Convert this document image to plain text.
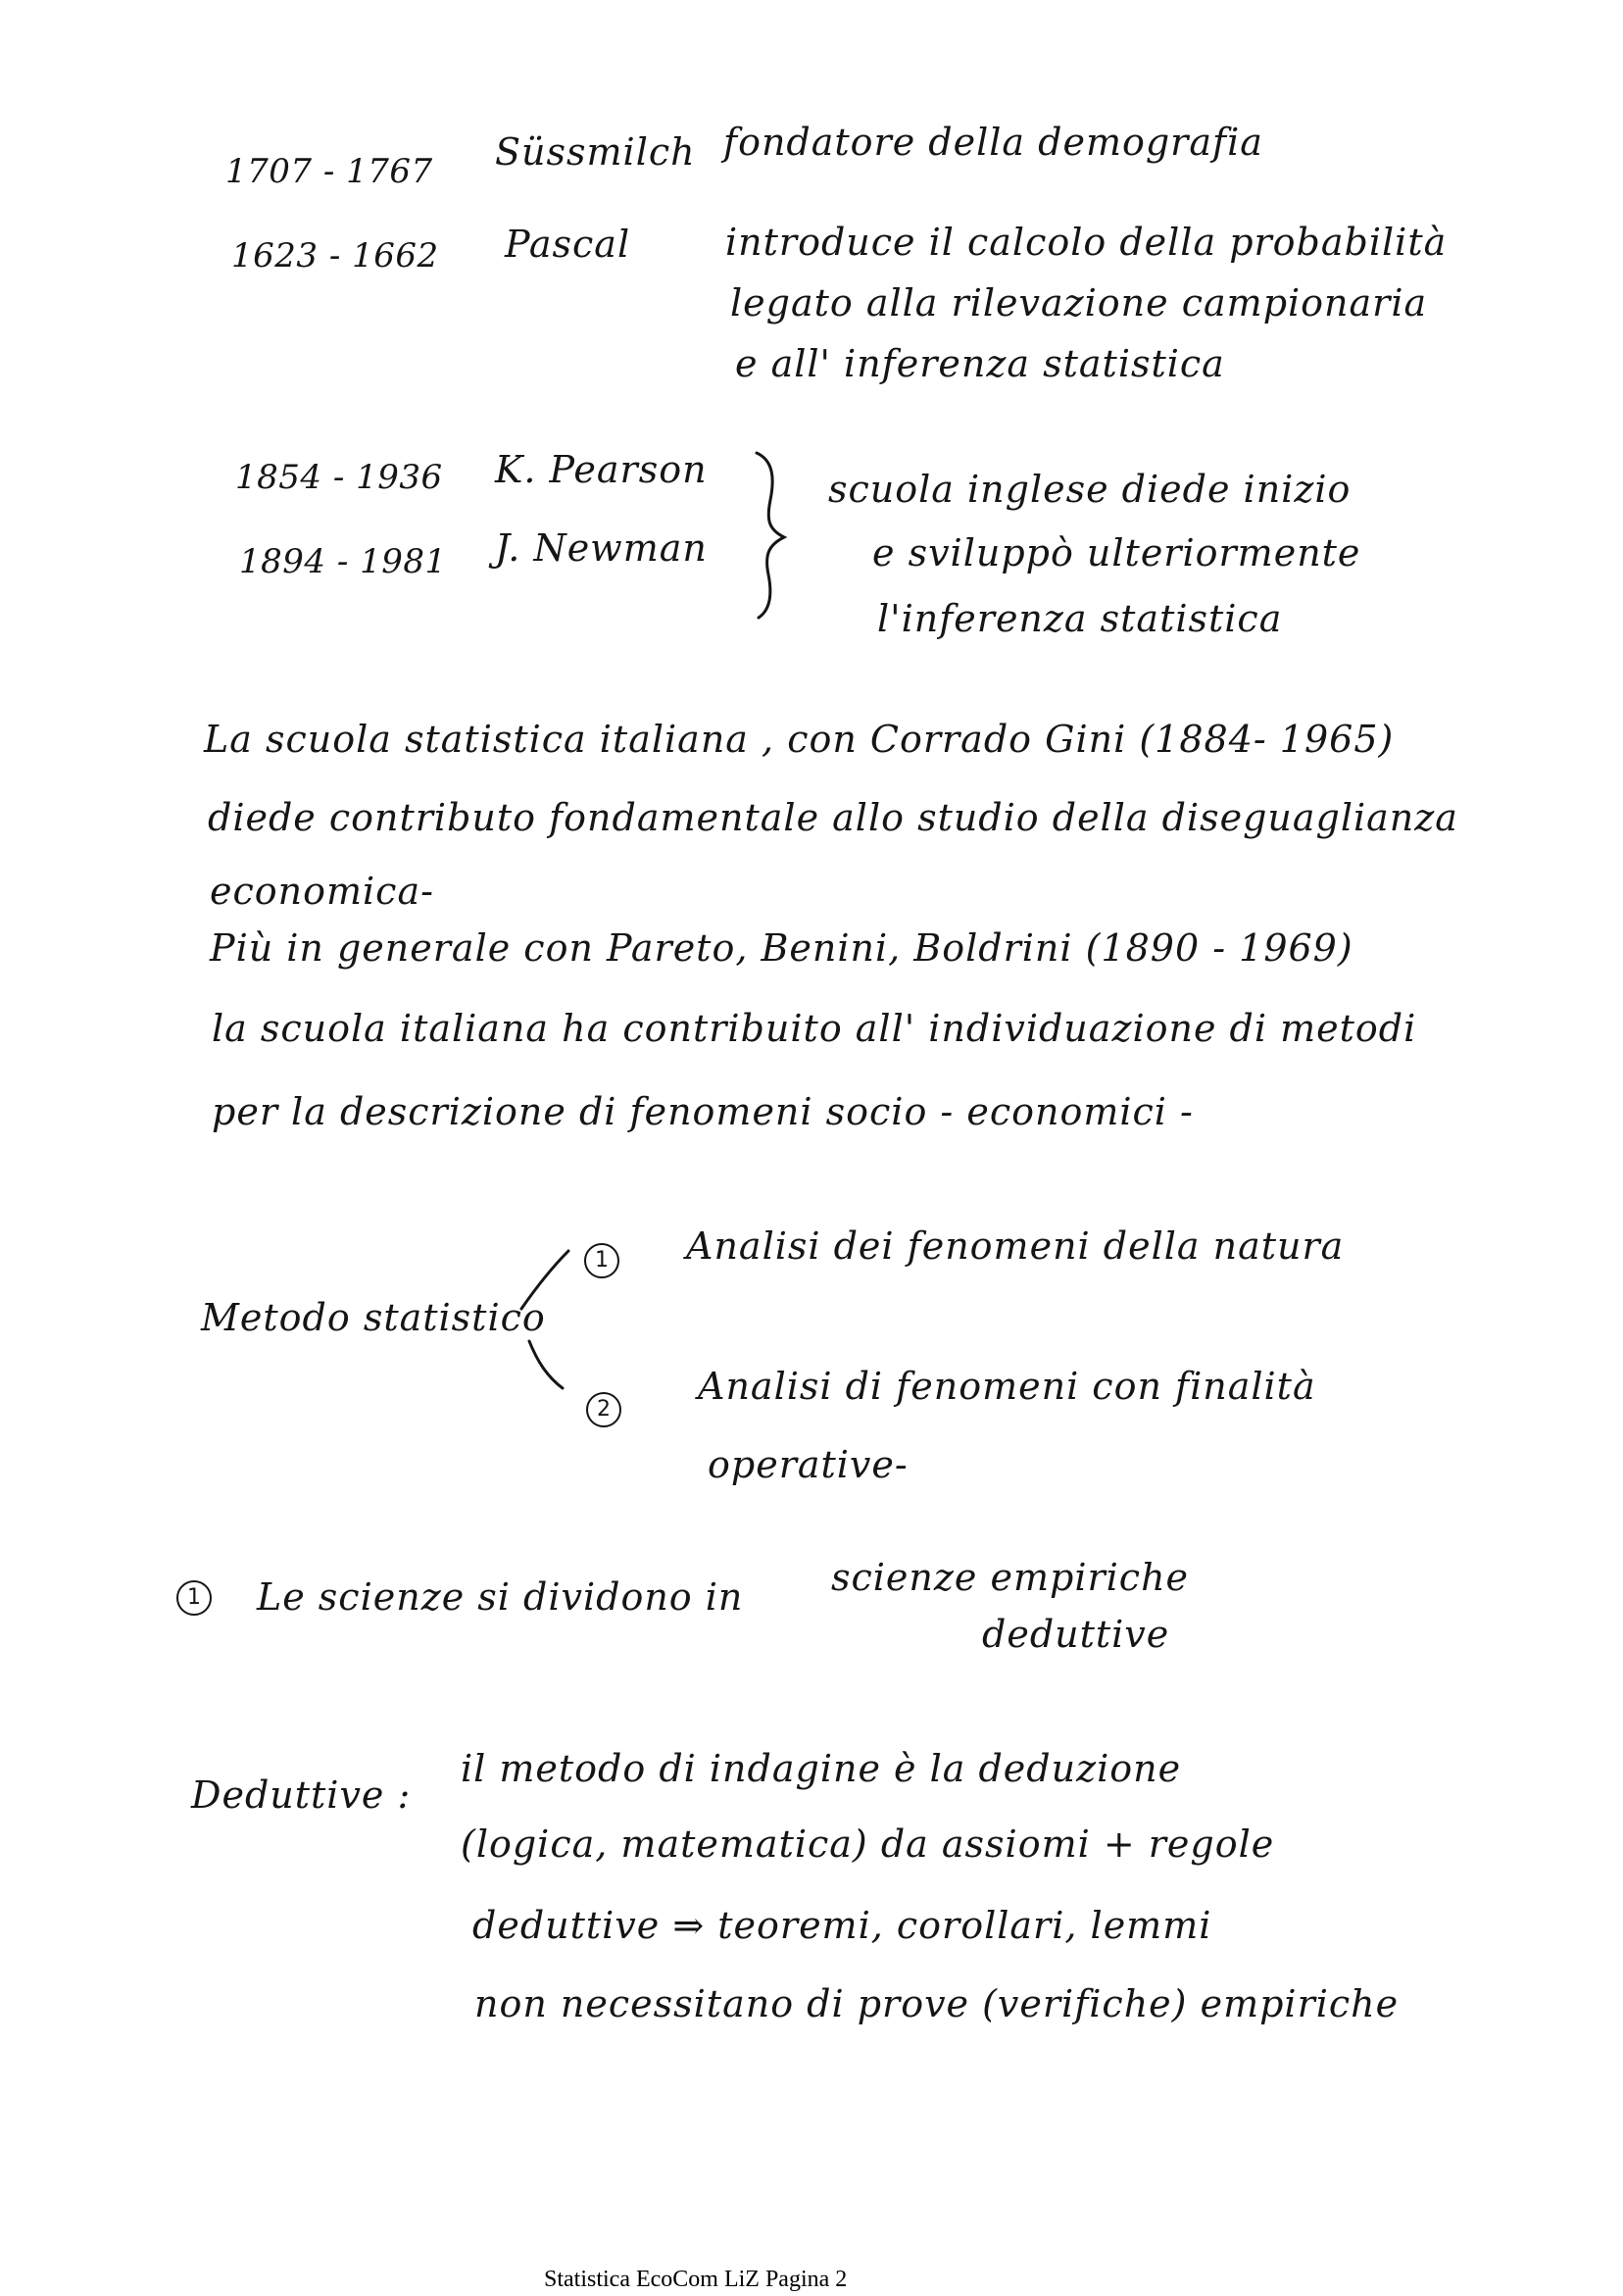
1707 - 1767 Süssmilch fondatore della demografia
1623 - 1662 Pascal	introduce il calcolo della probabilità
legato alla rilevazione campionaria
e all' inferenza statistica
1854 - 1936 K. Pearson
1894 - 1981 J. Newman
scuola inglese diede inizio
e sviluppò ulteriormente
l'inferenza statistica
La scuola statistica italiana , con Corrado Gini (1884- 1965)
diede contributo fondamentale allo studio della diseguaglianza
economica-
Più in generale con Pareto, Benini, Boldrini (1890 - 1969)
la scuola italiana ha contribuito all' individuazione di metodi
per la descrizione di fenomeni socio - economici -
Metodo statistico
1 Analisi dei fenomeni della natura
2
Analisi di fenomeni con finalità
operative-
1 Le scienze si dividono in scienze empiriche
deduttive
Deduttive :
il metodo di indagine è la deduzione
(logica, matematica) da assiomi + regole
deduttive ⇒ teoremi, corollari, lemmi
non necessitano di prove (verifiche) empiriche
Statistica EcoCom LiZ Pagina 2
